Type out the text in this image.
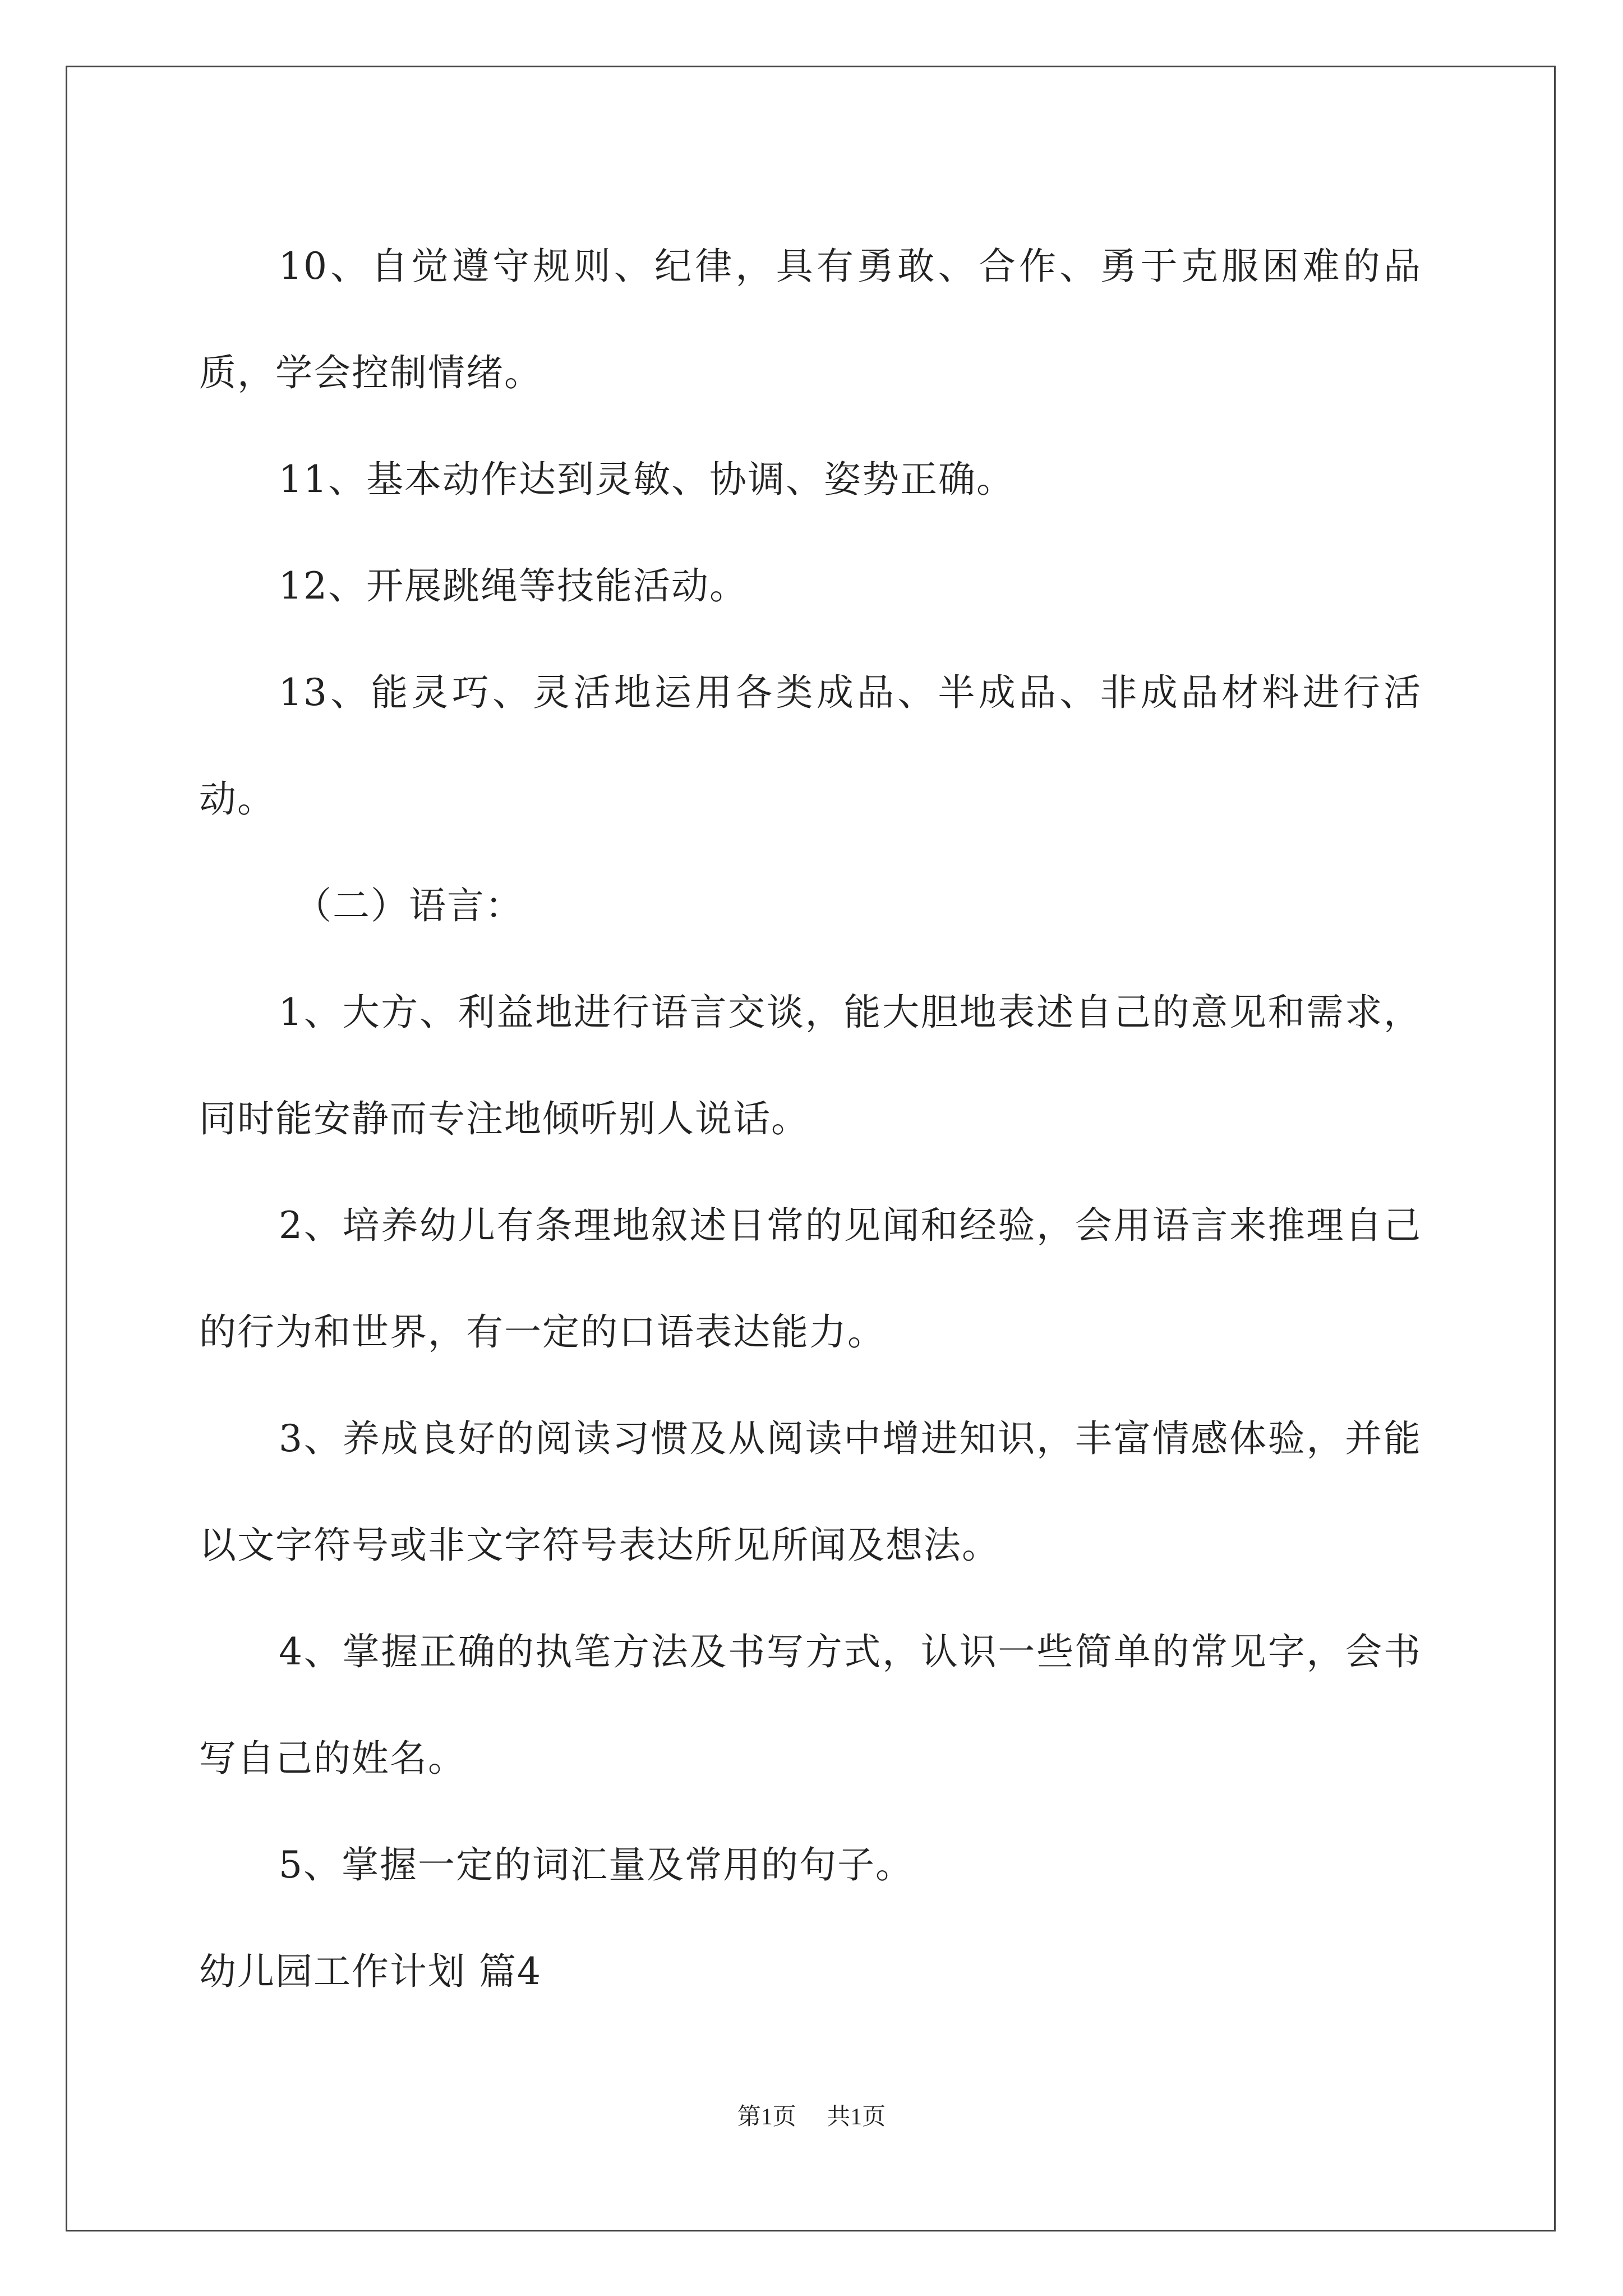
10、自觉遵守规则、纪律，具有勇敢、合作、勇于克服困难的品质，学会控制情绪。

11、基本动作达到灵敏、协调、姿势正确。

12、开展跳绳等技能活动。

13、能灵巧、灵活地运用各类成品、半成品、非成品材料进行活动。

（二）语言：

1、大方、利益地进行语言交谈，能大胆地表述自己的意见和需求，同时能安静而专注地倾听别人说话。

2、培养幼儿有条理地叙述日常的见闻和经验，会用语言来推理自己的行为和世界，有一定的口语表达能力。

3、养成良好的阅读习惯及从阅读中增进知识，丰富情感体验，并能以文字符号或非文字符号表达所见所闻及想法。

4、掌握正确的执笔方法及书写方式，认识一些简单的常见字，会书写自己的姓名。

5、掌握一定的词汇量及常用的句子。

幼儿园工作计划 篇4

第1页 共1页
